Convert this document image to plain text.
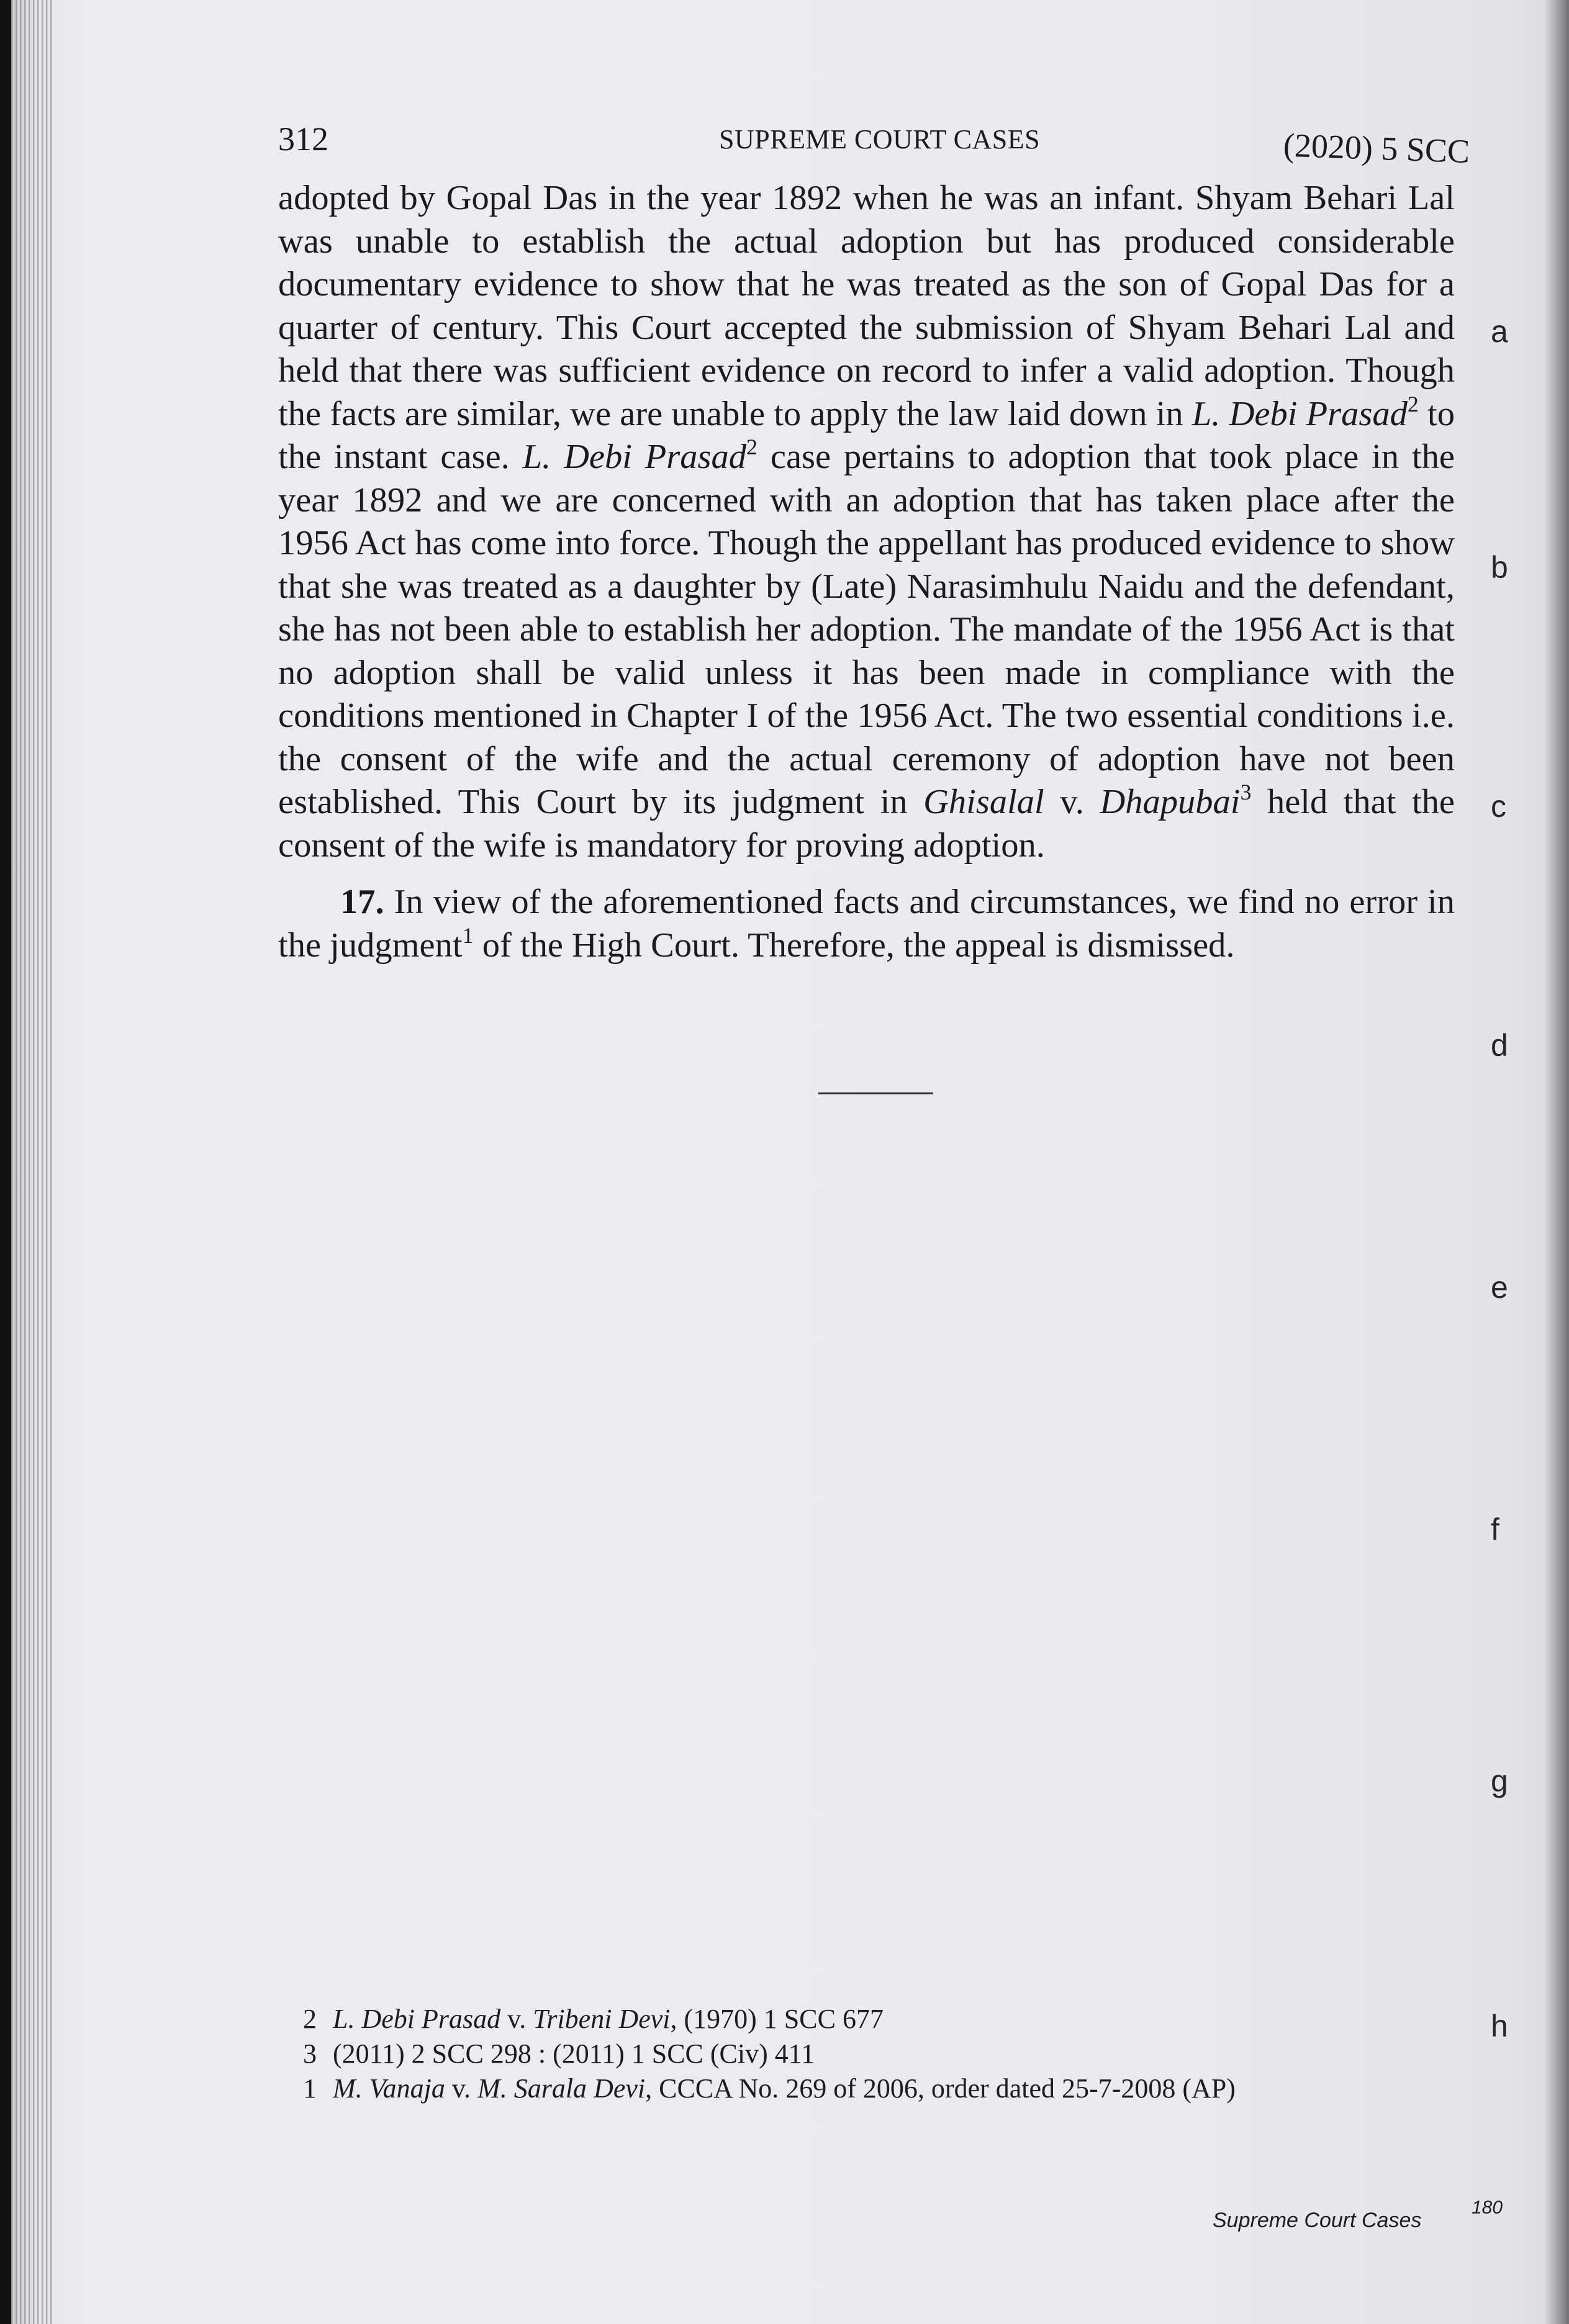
312	SUPREME COURT CASES	(2020) 5 SCC

adopted by Gopal Das in the year 1892 when he was an infant. Shyam Behari Lal was unable to establish the actual adoption but has produced considerable documentary evidence to show that he was treated as the son of Gopal Das for a quarter of century. This Court accepted the submission of Shyam Behari Lal and held that there was sufficient evidence on record to infer a valid adoption. Though the facts are similar, we are unable to apply the law laid down in L. Debi Prasad$^2$ to the instant case. L. Debi Prasad$^2$ case pertains to adoption that took place in the year 1892 and we are concerned with an adoption that has taken place after the 1956 Act has come into force. Though the appellant has produced evidence to show that she was treated as a daughter by (Late) Narasimhulu Naidu and the defendant, she has not been able to establish her adoption. The mandate of the 1956 Act is that no adoption shall be valid unless it has been made in compliance with the conditions mentioned in Chapter I of the 1956 Act. The two essential conditions i.e. the consent of the wife and the actual ceremony of adoption have not been established. This Court by its judgment in Ghisalal v. Dhapubai$^3$ held that the consent of the wife is mandatory for proving adoption.

17. In view of the aforementioned facts and circumstances, we find no error in the judgment$^1$ of the High Court. Therefore, the appeal is dismissed.

a
b
c
d
e
f
g
h
2 L. Debi Prasad v. Tribeni Devi, (1970) 1 SCC 677
3 (2011) 2 SCC 298 : (2011) 1 SCC (Civ) 411
1 M. Vanaja v. M. Sarala Devi, CCCA No. 269 of 2006, order dated 25-7-2008 (AP)
Supreme Court Cases
180
